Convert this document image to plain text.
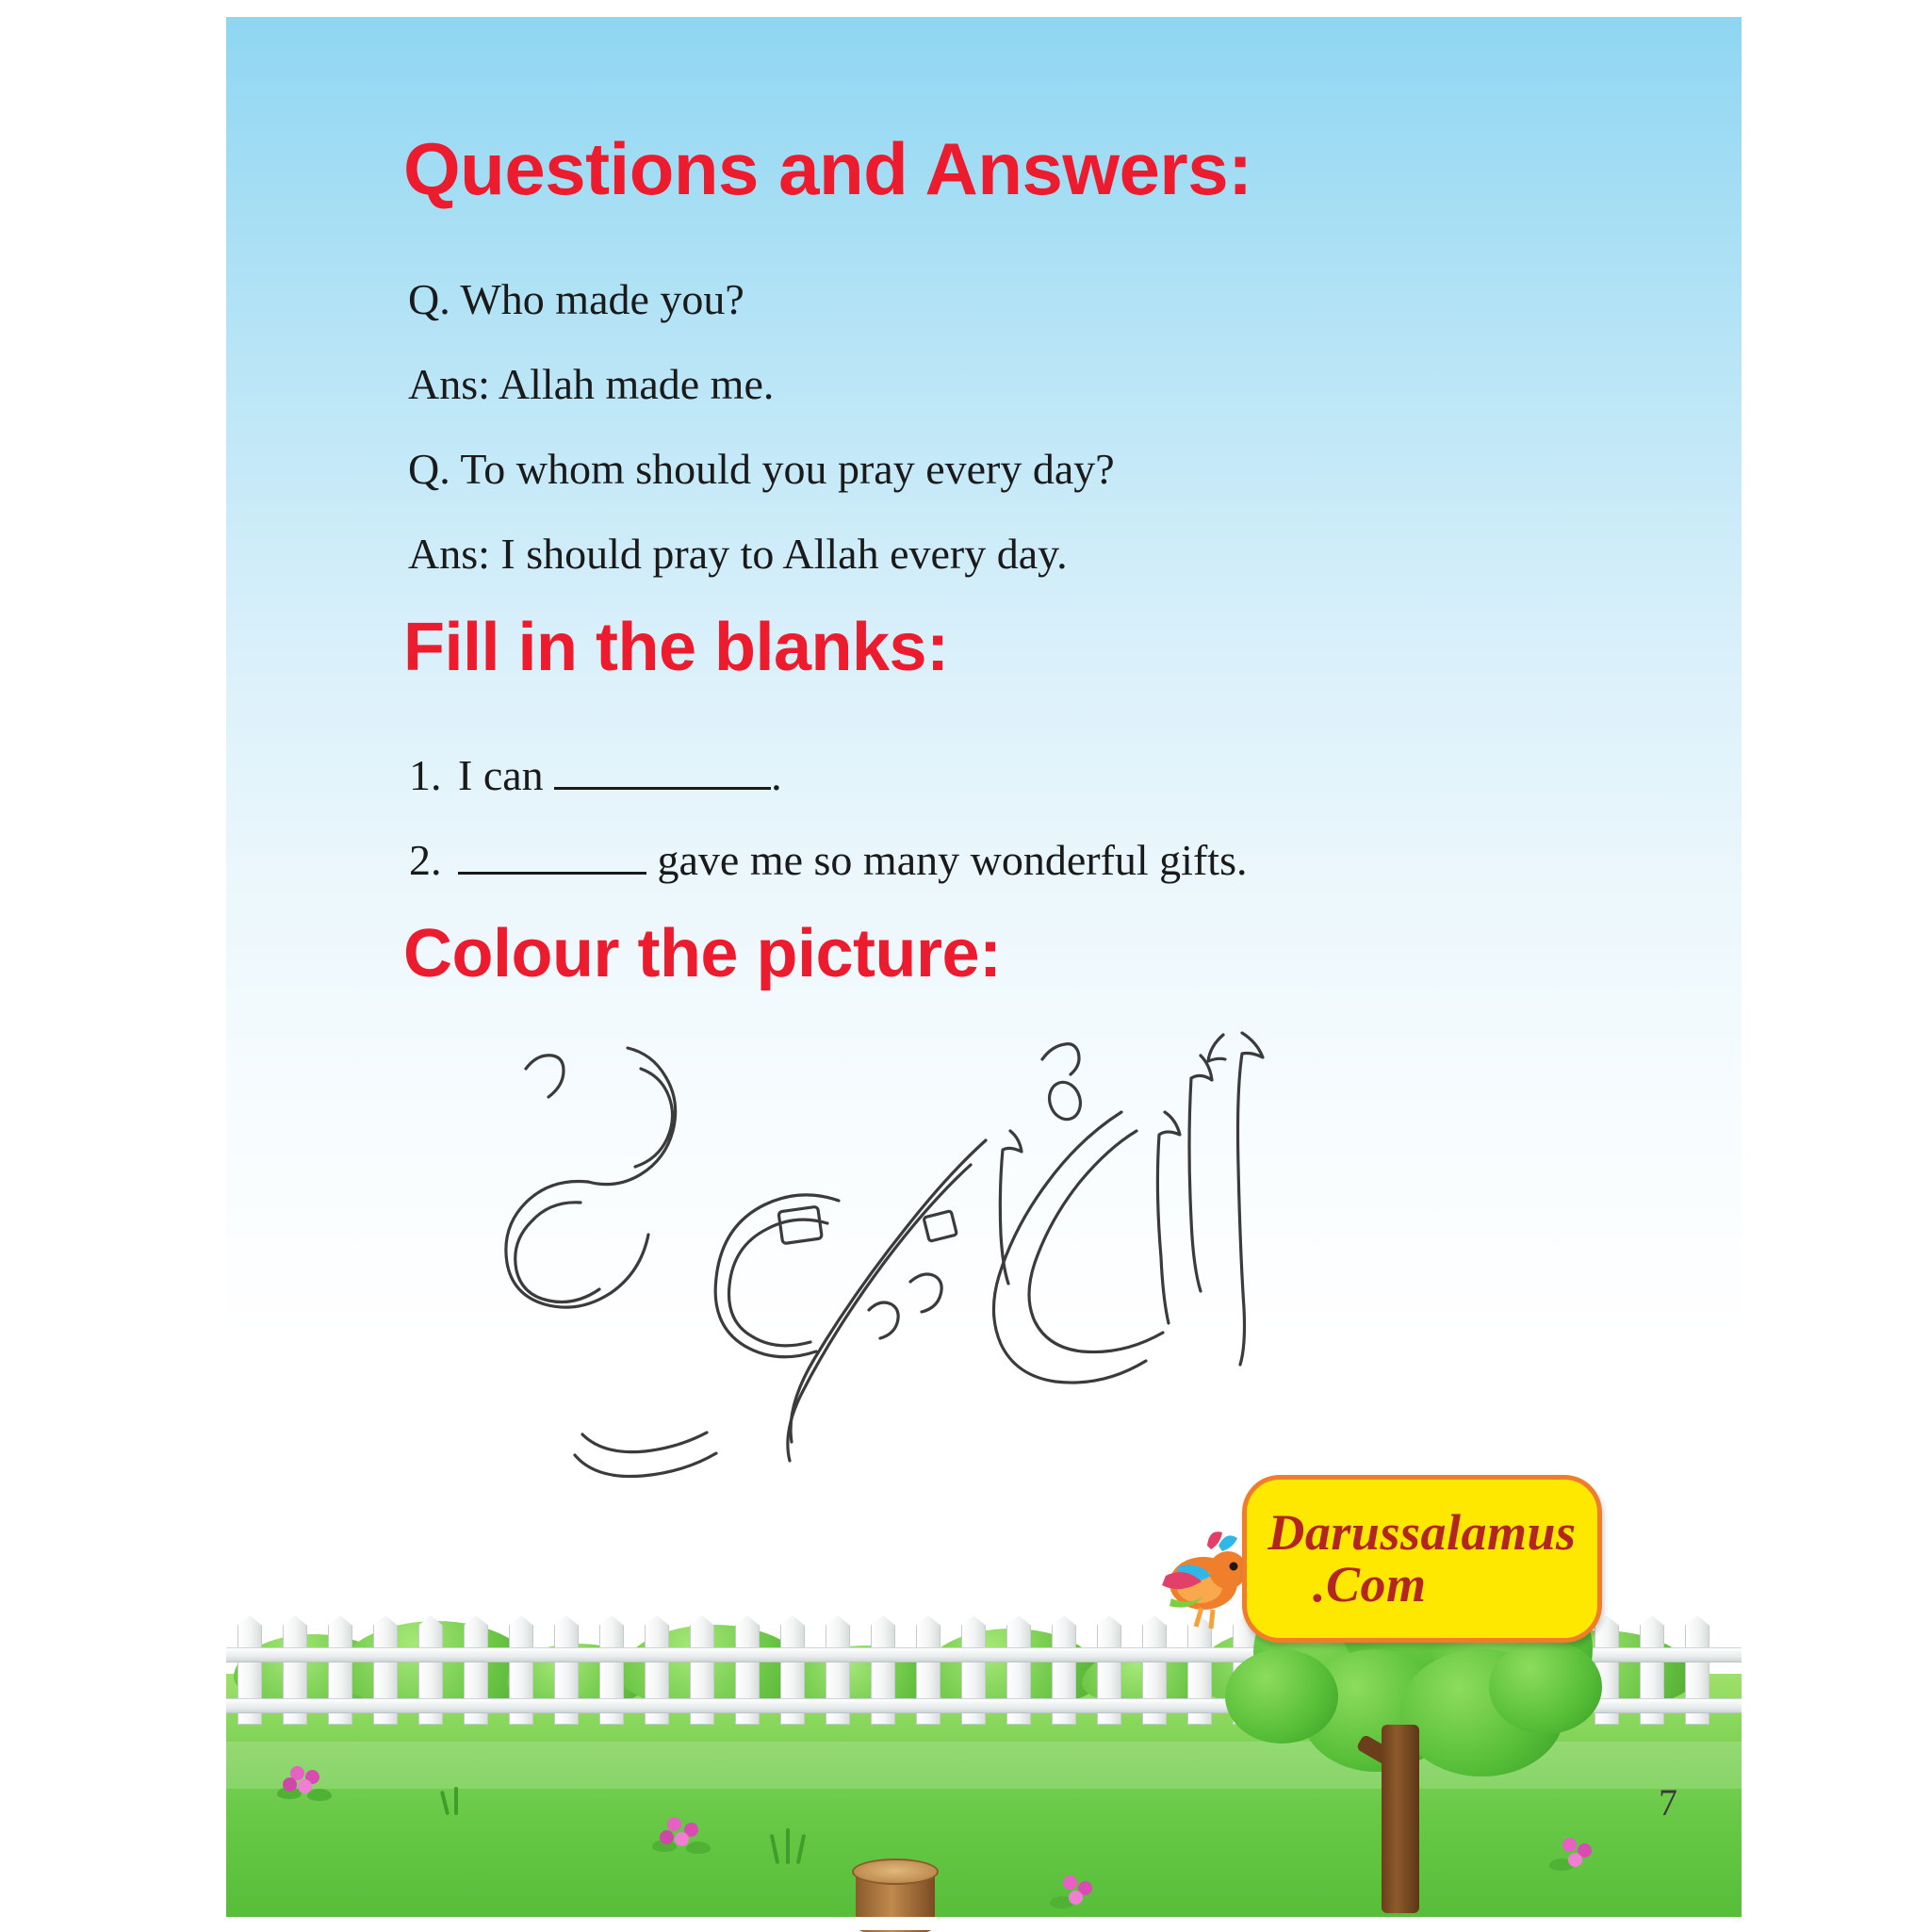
Darussalamus
.Com
Questions and Answers:
Q. Who made you?
Ans: Allah made me.
Q. To whom should you pray every day?
Ans: I should pray to Allah every day.
Fill in the blanks:
1. I can	.
2.	gave me so many wonderful gifts.
Colour the picture:
7
